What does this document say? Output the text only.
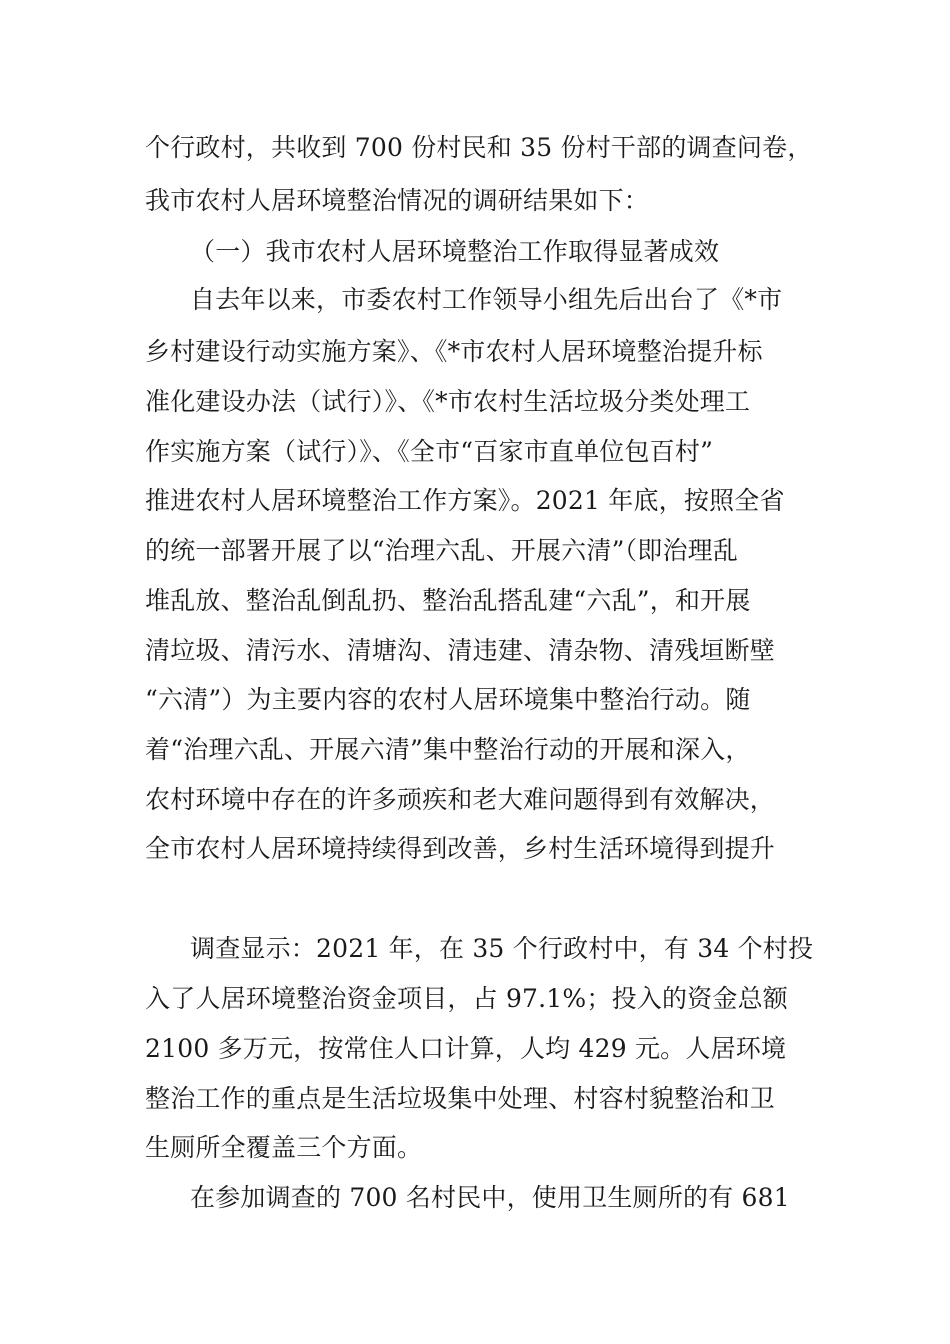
个行政村，共收到 700 份村民和 35 份村干部的调查问卷，
我市农村人居环境整治情况的调研结果如下：
（一）我市农村人居环境整治工作取得显著成效
自去年以来，市委农村工作领导小组先后出台了《*市
乡村建设行动实施方案》、《*市农村人居环境整治提升标
准化建设办法（试行）》、《*市农村生活垃圾分类处理工
作实施方案（试行）》、《全市“百家市直单位包百村”
推进农村人居环境整治工作方案》。2021 年底，按照全省
的统一部署开展了以“治理六乱、开展六清”（即治理乱
堆乱放、整治乱倒乱扔、整治乱搭乱建“六乱”，和开展
清垃圾、清污水、清塘沟、清违建、清杂物、清残垣断壁
“六清”）为主要内容的农村人居环境集中整治行动。随
着“治理六乱、开展六清”集中整治行动的开展和深入，
农村环境中存在的许多顽疾和老大难问题得到有效解决，
全市农村人居环境持续得到改善，乡村生活环境得到提升
调查显示：2021 年，在 35 个行政村中，有 34 个村投
入了人居环境整治资金项目，占 97.1%；投入的资金总额
2100 多万元，按常住人口计算，人均 429 元。人居环境
整治工作的重点是生活垃圾集中处理、村容村貌整治和卫
生厕所全覆盖三个方面。
在参加调查的 700 名村民中，使用卫生厕所的有 681
